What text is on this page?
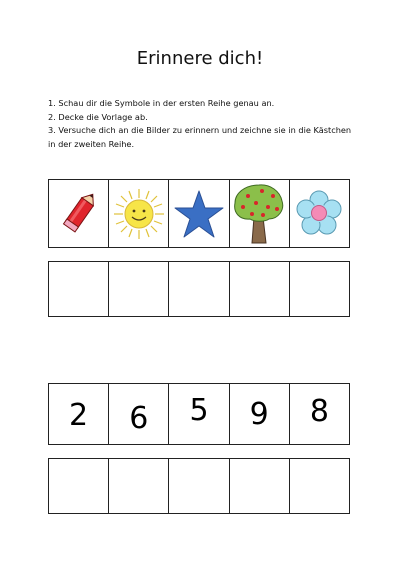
Erinnere dich!

1. Schau dir die Symbole in der ersten Reihe genau an.

2. Decke die Vorlage ab.

3. Versuche dich an die Bilder zu erinnern und zeichne sie in die Kästchen in der zweiten Reihe.

2 6 5 9 8
